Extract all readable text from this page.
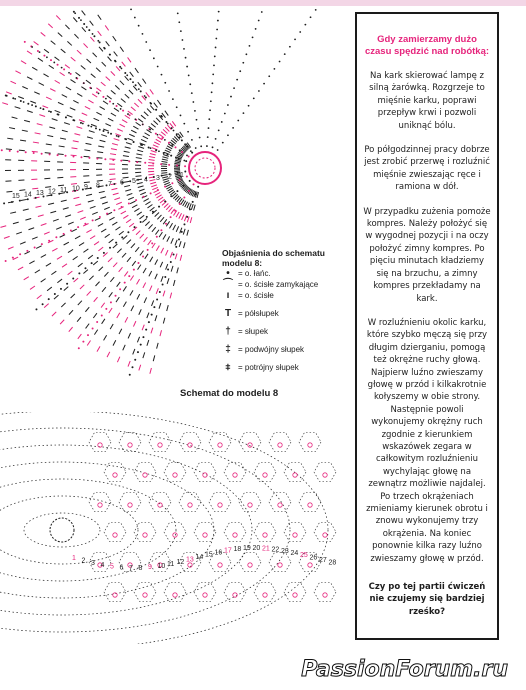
15 14 13 12 11 10 9 8 7 6 5 4 3 2 1
Objaśnienia do schematu
modelu 8:
•	= o. łańc.
⌒ = o. ścisłe zamykające
ı	= o. ścisłe
T = półsłupek
† = słupek
‡ = podwójny słupek
⧧ = potrójny słupek
Schemat do modelu 8
1 2 3 4 5 6 7 8 9 10 11 12 13 14 15 16 17 18 19 20 21 22 23 24 25 26 27 28
Gdy zamierzamy dużo czasu spędzić nad robótką:

Na kark skierować lampę z silną żarówką. Rozgrzeje to mięśnie karku, poprawi przepływ krwi i pozwoli uniknąć bólu.

Po półgodzinnej pracy dobrze jest zrobić przerwę i rozluźnić mięśnie zwieszając ręce i ramiona w dół.

W przypadku zużenia pomoże kompres. Należy położyć się w wygodnej pozycji i na oczy położyć zimny kompres. Po pięciu minutach kładziemy się na brzuchu, a zimny kompres przekładamy na kark.

W rozluźnieniu okolic karku, które szybko męczą się przy długim dzierganiu, pomogą też okrężne ruchy głową. Najpierw luźno zwieszamy głowę w przód i kilkakrotnie kołyszemy w obie strony. Następnie powoli wykonujemy okrężny ruch zgodnie z kierunkiem wskazówek zegara w całkowitym rozluźnieniu wychylając głowę na zewnątrz możliwie najdalej. Po trzech okrążeniach zmieniamy kierunek obrotu i znowu wykonujemy trzy okrążenia. Na koniec ponownie kilka razy luźno zwieszamy głowę w przód.

Czy po tej partii ćwiczeń nie czujemy się bardziej rześko?

PassionForum.ru
